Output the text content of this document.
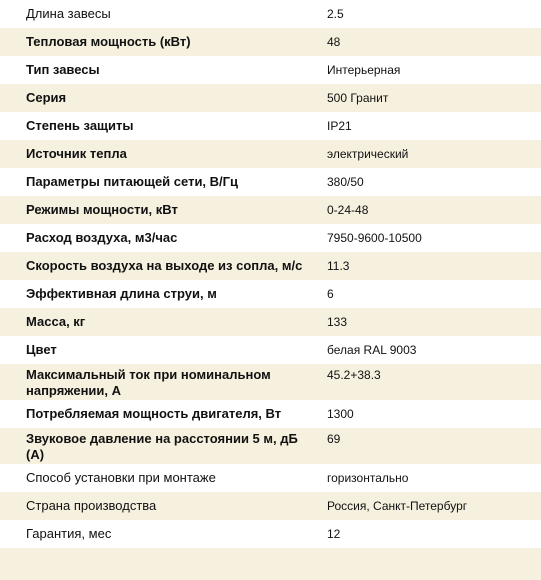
Длина завесы	2.5
Тепловая мощность (кВт)	48
Тип завесы	Интерьерная
Серия	500 Гранит
Степень защиты	IP21
Источник тепла	электрический
Параметры питающей сети, В/Гц	380/50
Режимы мощности, кВт	0-24-48
Расход воздуха, м3/час	7950-9600-10500
Скорость воздуха на выходе из сопла, м/с	11.3
Эффективная длина струи, м	6
Масса, кг	133
Цвет	белая RAL 9003
Максимальный ток при номинальном напряжении, А	45.2+38.3
Потребляемая мощность двигателя, Вт	1300
Звуковое давление на расстоянии 5 м, дБ (А)	69
Способ установки при монтаже	горизонтально
Страна производства	Россия, Санкт-Петербург
Гарантия, мес	12
